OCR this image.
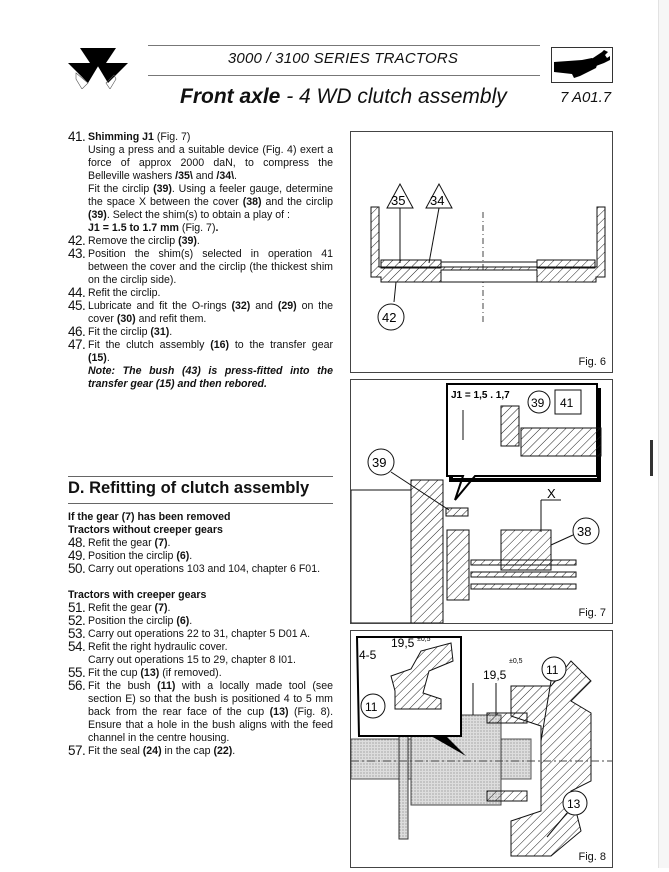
3000 / 3100 SERIES TRACTORS
Front axle - 4 WD clutch assembly	7 A01.7
41. Shimming J1 (Fig. 7)
Using a press and a suitable device (Fig. 4) exert a force of approx 2000 daN, to compress the Belleville washers /35\ and /34\.
Fit the circlip (39). Using a feeler gauge, determine the space X between the cover (38) and the circlip (39). Select the shim(s) to obtain a play of :
J1 = 1.5 to 1.7 mm (Fig. 7).

42. Remove the circlip (39).

43. Position the shim(s) selected in operation 41 between the cover and the circlip (the thickest shim on the circlip side).

44. Refit the circlip.

45. Lubricate and fit the O-rings (32) and (29) on the cover (30) and refit them.

46. Fit the circlip (31).

47. Fit the clutch assembly (16) to the transfer gear (15).
Note: The bush (43) is press-fitted into the transfer gear (15) and then rebored.

D. Refitting of clutch assembly
If the gear (7) has been removed
Tractors without creeper gears
48. Refit the gear (7).

49. Position the circlip (6).

50. Carry out operations 103 and 104, chapter 6 F01.

Tractors with creeper gears
51. Refit the gear (7).

52. Position the circlip (6).

53. Carry out operations 22 to 31, chapter 5 D01 A.

54. Refit the right hydraulic cover.
Carry out operations 15 to 29, chapter 8 I01.

55. Fit the cup (13) (if removed).

56. Fit the bush (11) with a locally made tool (see section E) so that the bush is positioned 4 to 5 mm back from the rear face of the cup (13) (Fig. 8). Ensure that a hole in the bush aligns with the feed channel in the centre housing.

57. Fit the seal (24) in the cap (22).

35 34
42
Fig. 6
J1 = 1,5 . 1,7
39 41
X
39
38
Fig. 7
4-5
19,5 ±0,5
11
19,5
±0,5
11
13
Fig. 8
